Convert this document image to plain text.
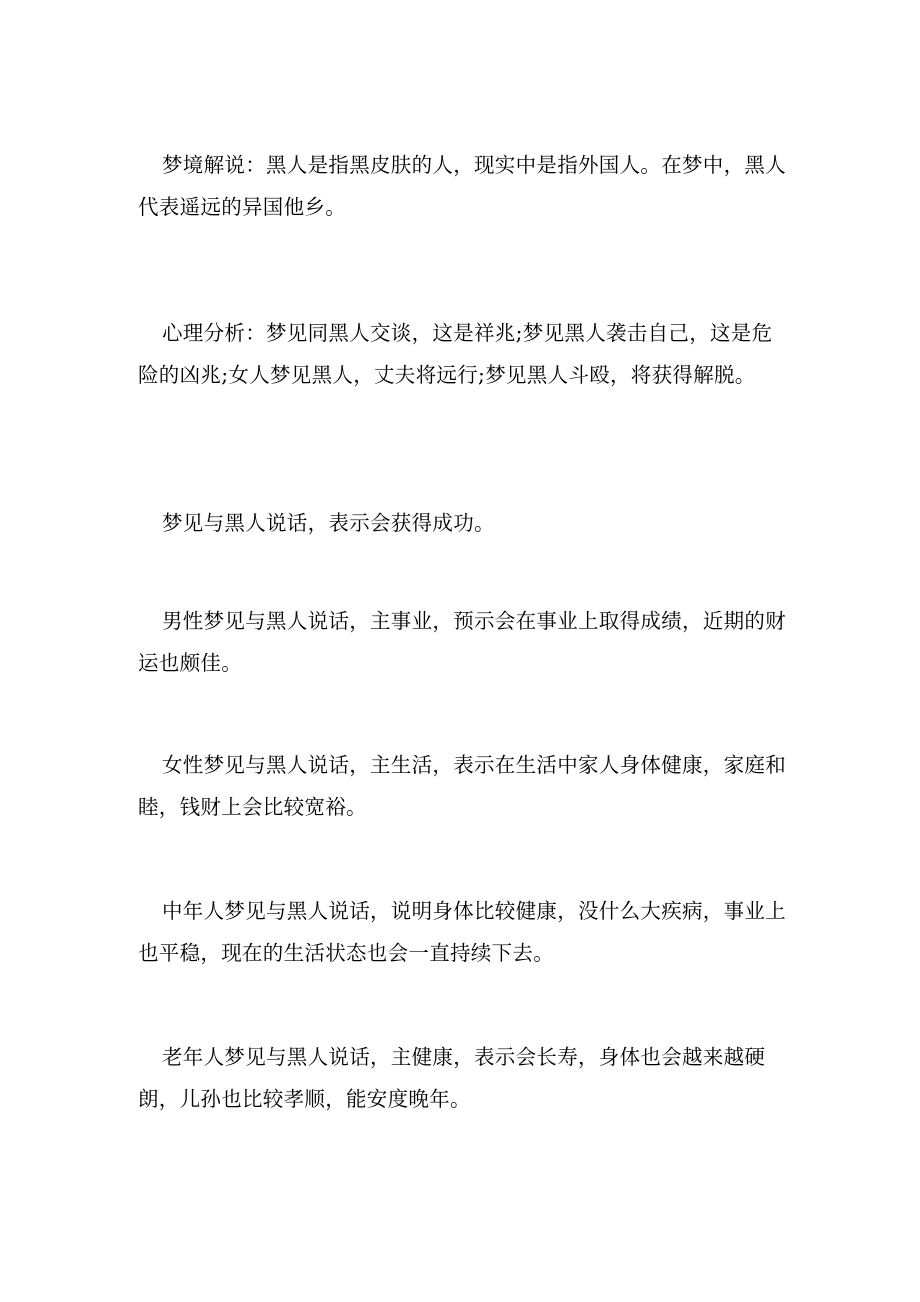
梦境解说：黑人是指黑皮肤的人，现实中是指外国人。在梦中，黑人代表遥远的异国他乡。

心理分析：梦见同黑人交谈，这是祥兆;梦见黑人袭击自己，这是危险的凶兆;女人梦见黑人，丈夫将远行;梦见黑人斗殴，将获得解脱。

梦见与黑人说话，表示会获得成功。

男性梦见与黑人说话，主事业，预示会在事业上取得成绩，近期的财运也颇佳。

女性梦见与黑人说话，主生活，表示在生活中家人身体健康，家庭和睦，钱财上会比较宽裕。

中年人梦见与黑人说话，说明身体比较健康，没什么大疾病，事业上也平稳，现在的生活状态也会一直持续下去。

老年人梦见与黑人说话，主健康，表示会长寿，身体也会越来越硬朗，儿孙也比较孝顺，能安度晚年。
